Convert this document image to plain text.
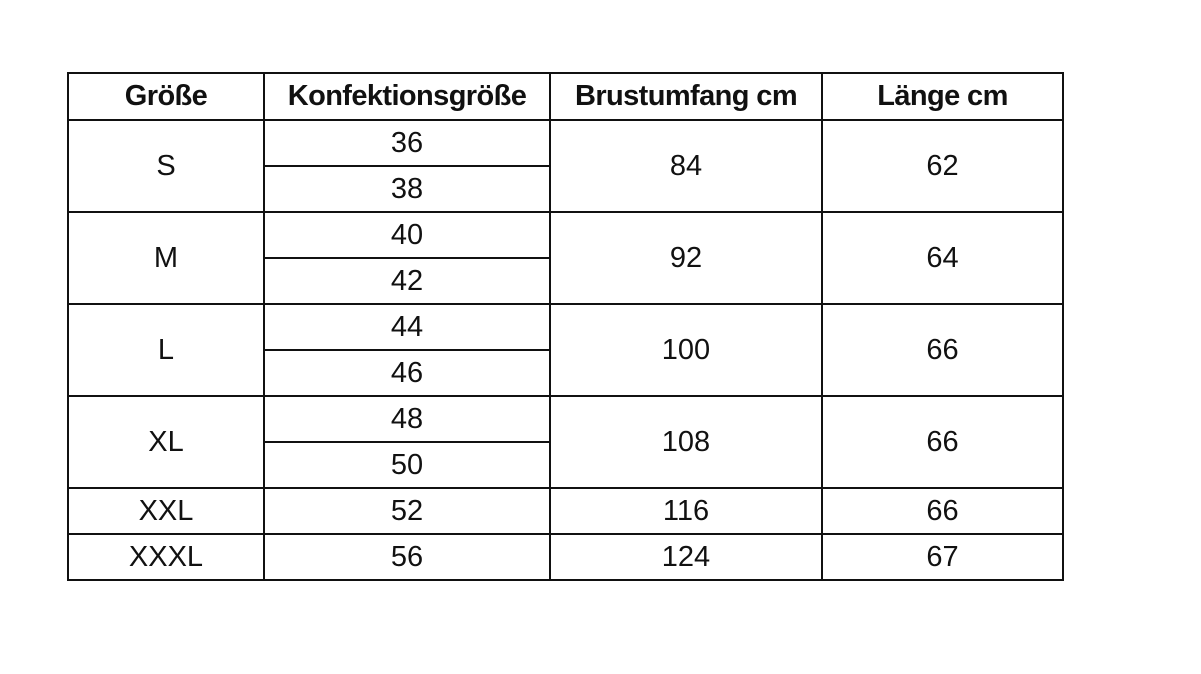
Größe	Konfektionsgröße	Brustumfang cm	Länge cm
S	36	84	62
	38		
M	40	92	64
	42		
L	44	100	66
	46		
XL	48	108	66
	50		
XXL	52	116	66
XXXL	56	124	67
